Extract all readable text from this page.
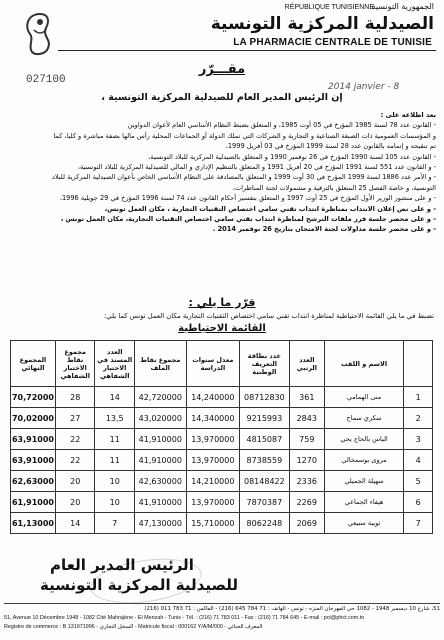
RÉPUBLIQUE TUNISIENNE
الجمهورية التونسية
الصيدلية المركزية التونسية
LA PHARMACIE CENTRALE DE TUNISIE
مقـــرّر
027100
2014 janvier - 8
إن الرئيس المدير العام للصيدلية المركزية التونسية ،
بعد اطلاعه على :
- القانون عدد 78 لسنة 1985 المؤرخ في 05 أوت 1985، و المتعلق بضبط النظام الأساسي العام لأعوان الدواوين
و المؤسسات العمومية ذات الصبغة الصناعية و التجارية و الشركات التي تملك الدولة أو الجماعات المحلية رأس مالها بصفة مباشرة و كليا، كما
تم تنقيحه و إتمامه بالقانون عدد 28 لسنة 1999 المؤرخ في 03 أفريل 1999،
- القانون عدد 105 لسنة 1990 المؤرخ في 26 نوفمبر 1990 و المتعلق بالصيدلية المركزية للبلاد التونسية،
- و القانون عدد 551 لسنة 1991 المؤرخ في 20 أفريل 1991 و المتعلق بالتنظيم الإداري و المالي للصيدلية المركزية للبلاد التونسية،
- و الأمر عدد 1886 لسنة 1999 المؤرخ في 30 أوت 1999 و المتعلق بالمصادقة على النظام الأساسي الخاص بأعوان الصيدلية المركزية للبلاد
التونسية، و خاصة الفصل 25 المتعلق بالترقية و مشمولات لجنة المناظرات،
- و على منشور الوزير الأول المؤرخ في 25 أوت 1997 و المتعلق بتفسير أحكام القانون عدد 74 لسنة 1996 المؤرخ في 29 جويلية 1996،
- و على نص إعلان الانتداب بمناظرة انتداب تقني سامي اختصاص التقنيات التجارية ، مكان العمل تونس،
- و على محضر جلسة فرز ملفات الترشح لمناظرة انتداب تقني سامي اختصاص التقنيات التجارية، مكان العمل تونس ،
- و على محضر جلسة مداولات لجنة الامتحان بتاريخ 26 نوفمبر 2014 .
قرّر ما يلي :
تضبط في ما يلي القائمة الاحتياطية لمناظرة انتداب تقني سامي اختصاص التقنيات التجارية مكان العمل تونس كما يلي:
القائمة الاحتياطية
	الاسم و اللقب	العدد الرتبي	عدد بطاقة التعريف الوطنية	معدل سنوات الدراسة	مجموع نقاط الملف	العدد المسند في الاختبار الشفاهي	مجموع نقاط الاختبار الشفاهي	المجموع النهائي
1	منى الهمامي	361	08712830	14,240000	42,720000	14	28	70,72000
2	سكري سماح	2843	9215993	14,340000	43,020000	13,5	27	70,02000
3	الياس بالحاج يحي	759	4815087	13,970000	41,910000	11	22	63,91000
4	مروى بوسمخالي	1270	8738559	13,970000	41,910000	11	22	63,91000
5	سهيلة الجميلي	2336	08148422	14,210000	42,630000	10	20	62,63000
6	هيفاء الجماعي	2269	7870387	13,970000	41,910000	10	20	61,91000
7	ثويبة سبيعي	2069	8062248	15,710000	47,130000	7	14	61,13000
الرئيس المدير العام
للصيدلية المركزية التونسية
51، شارع 10 ديسمبر 1948 - 1082 حي المهرجان المنزه - تونس - الهاتف : 71 784 645 (216) - الفاكس : 71 783 011 (216)
51, Avenue 10 Décembre 1948 - 1082 Cité Mahrajène - El Menzah - Tunis - Tél. : (216) 71 783 011 - Fax : (216) 71 784 645 - E-mail : pct@phct.com.tn
Registre de commerce : B 131971996 - السجل التجاري - Matricule fiscal : 000162 Y/A/M/000 - المعرف الجبائي
